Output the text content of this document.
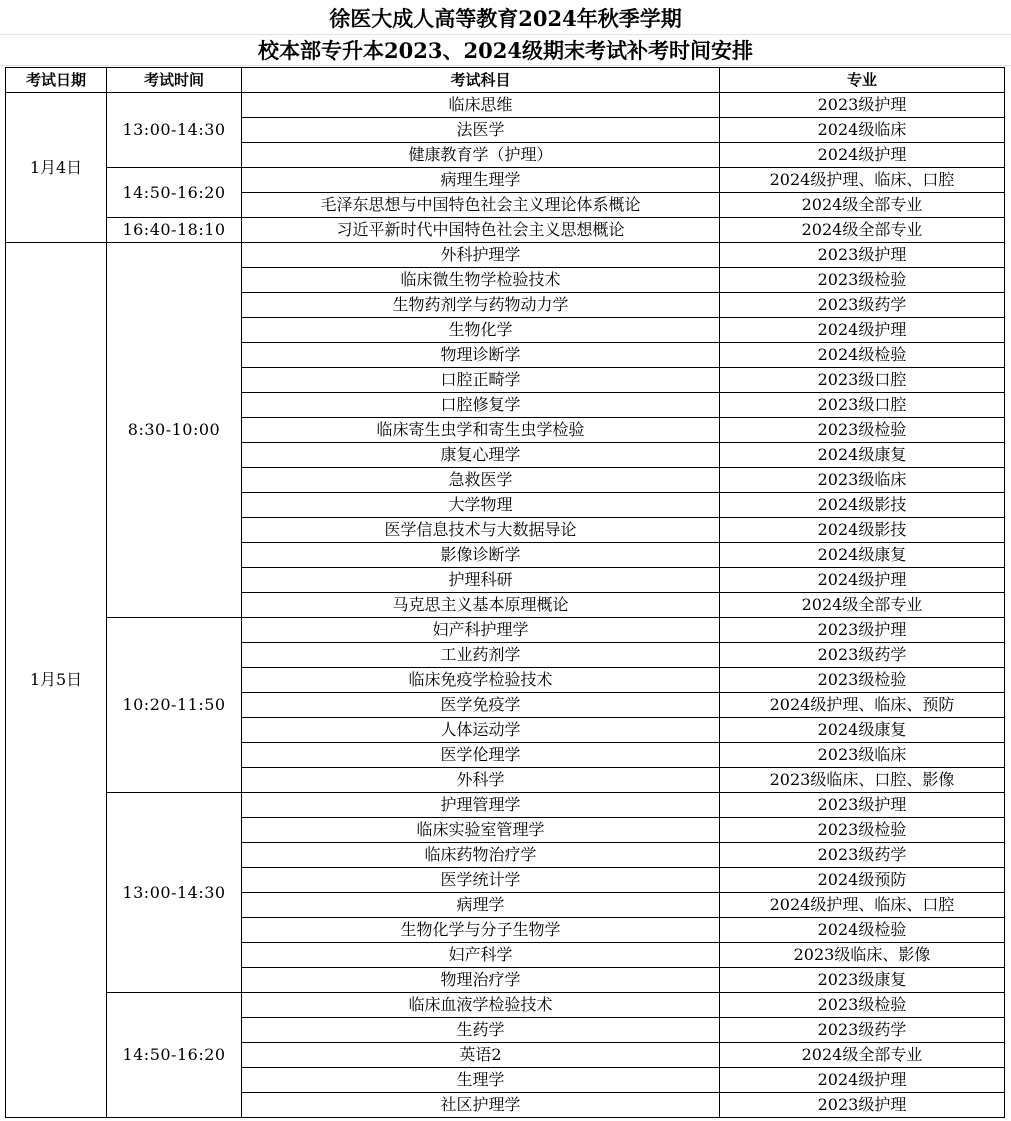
徐医大成人高等教育2024年秋季学期
校本部专升本2023、2024级期末考试补考时间安排
考试日期	考试时间	考试科目	专业
1月4日	13:00-14:30	临床思维	2023级护理
		法医学	2024级临床
		健康教育学（护理）	2024级护理
	14:50-16:20	病理生理学	2024级护理、临床、口腔
		毛泽东思想与中国特色社会主义理论体系概论	2024级全部专业
	16:40-18:10	习近平新时代中国特色社会主义思想概论	2024级全部专业
1月5日	8:30-10:00	外科护理学	2023级护理
		临床微生物学检验技术	2023级检验
		生物药剂学与药物动力学	2023级药学
		生物化学	2024级护理
		物理诊断学	2024级检验
		口腔正畸学	2023级口腔
		口腔修复学	2023级口腔
		临床寄生虫学和寄生虫学检验	2023级检验
		康复心理学	2024级康复
		急救医学	2023级临床
		大学物理	2024级影技
		医学信息技术与大数据导论	2024级影技
		影像诊断学	2024级康复
		护理科研	2024级护理
		马克思主义基本原理概论	2024级全部专业
	10:20-11:50	妇产科护理学	2023级护理
		工业药剂学	2023级药学
		临床免疫学检验技术	2023级检验
		医学免疫学	2024级护理、临床、预防
		人体运动学	2024级康复
		医学伦理学	2023级临床
		外科学	2023级临床、口腔、影像
	13:00-14:30	护理管理学	2023级护理
		临床实验室管理学	2023级检验
		临床药物治疗学	2023级药学
		医学统计学	2024级预防
		病理学	2024级护理、临床、口腔
		生物化学与分子生物学	2024级检验
		妇产科学	2023级临床、影像
		物理治疗学	2023级康复
	14:50-16:20	临床血液学检验技术	2023级检验
		生药学	2023级药学
		英语2	2024级全部专业
		生理学	2024级护理
		社区护理学	2023级护理
